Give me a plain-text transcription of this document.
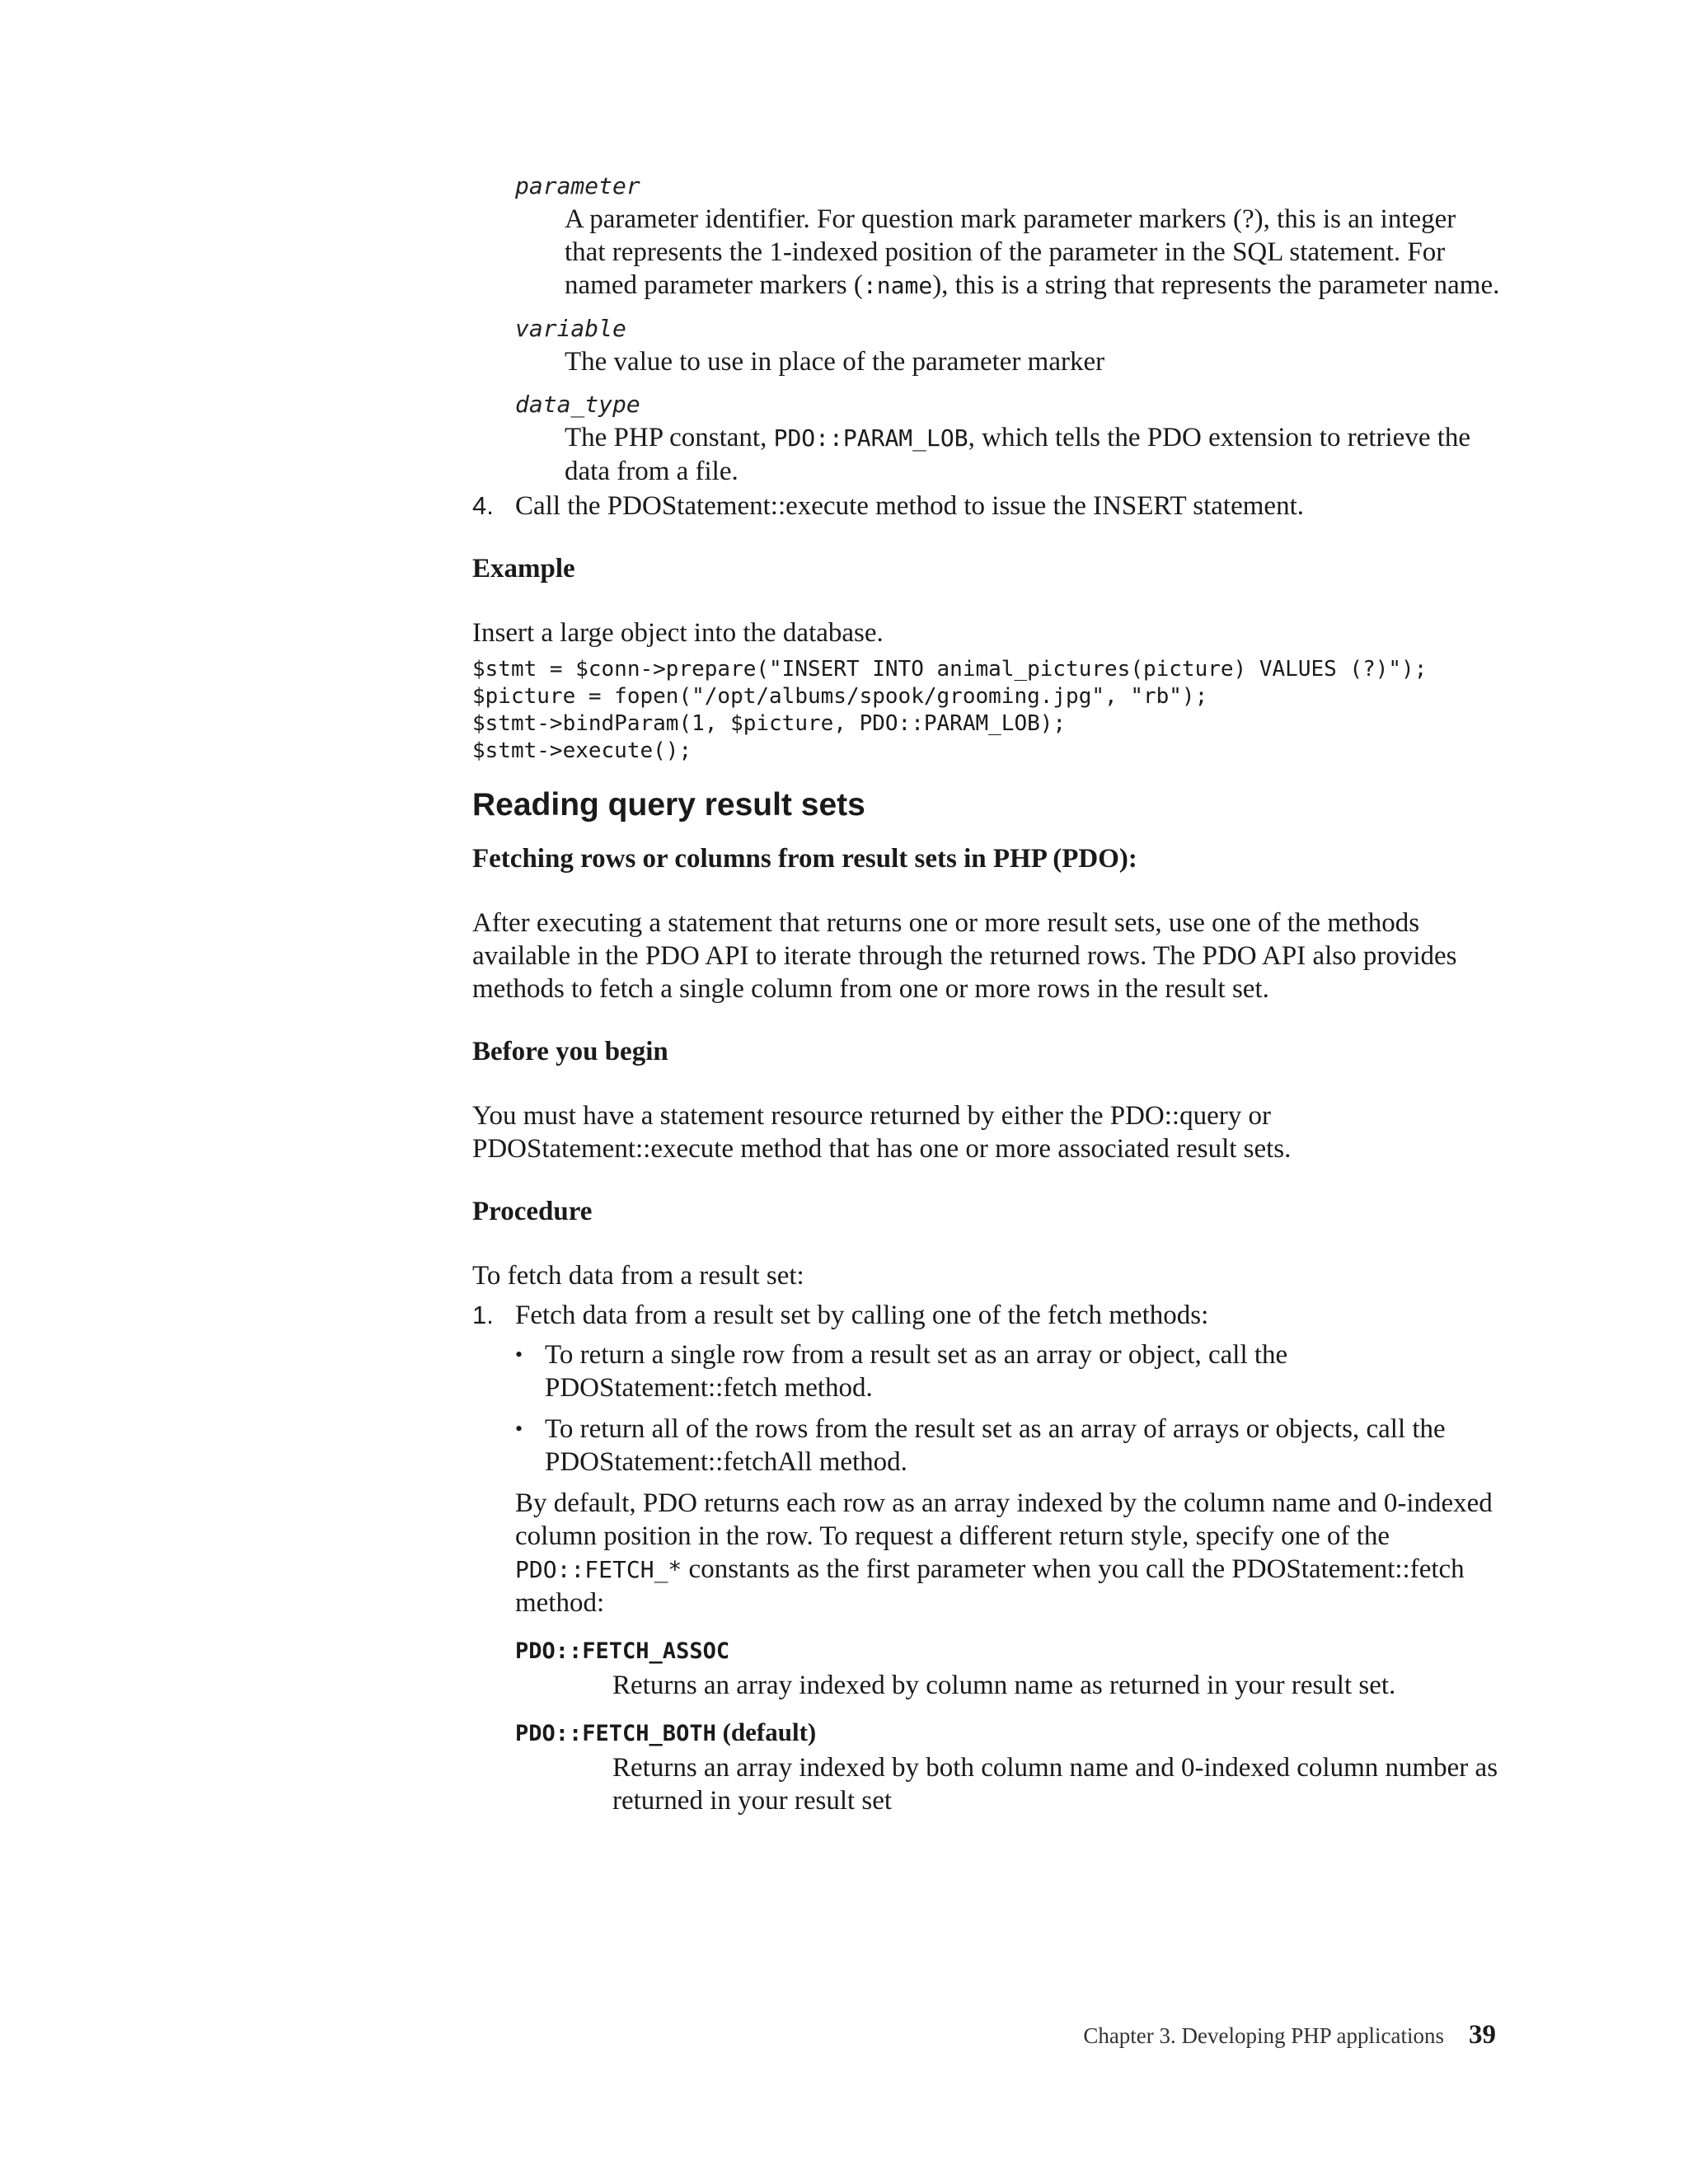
parameter
A parameter identifier. For question mark parameter markers (?), this is an integer that represents the 1-indexed position of the parameter in the SQL statement. For named parameter markers (:name), this is a string that represents the parameter name.
variable
The value to use in place of the parameter marker
data_type
The PHP constant, PDO::PARAM_LOB, which tells the PDO extension to retrieve the data from a file.
4. Call the PDOStatement::execute method to issue the INSERT statement.
Example
Insert a large object into the database.
$stmt = $conn->prepare("INSERT INTO animal_pictures(picture) VALUES (?)");
$picture = fopen("/opt/albums/spook/grooming.jpg", "rb");
$stmt->bindParam(1, $picture, PDO::PARAM_LOB);
$stmt->execute();
Reading query result sets
Fetching rows or columns from result sets in PHP (PDO):
After executing a statement that returns one or more result sets, use one of the methods available in the PDO API to iterate through the returned rows. The PDO API also provides methods to fetch a single column from one or more rows in the result set.
Before you begin
You must have a statement resource returned by either the PDO::query or PDOStatement::execute method that has one or more associated result sets.
Procedure
To fetch data from a result set:
1. Fetch data from a result set by calling one of the fetch methods:
• To return a single row from a result set as an array or object, call the PDOStatement::fetch method.
• To return all of the rows from the result set as an array of arrays or objects, call the PDOStatement::fetchAll method.
By default, PDO returns each row as an array indexed by the column name and 0-indexed column position in the row. To request a different return style, specify one of the PDO::FETCH_* constants as the first parameter when you call the PDOStatement::fetch method:
PDO::FETCH_ASSOC
Returns an array indexed by column name as returned in your result set.
PDO::FETCH_BOTH (default)
Returns an array indexed by both column name and 0-indexed column number as returned in your result set
Chapter 3. Developing PHP applications 39
